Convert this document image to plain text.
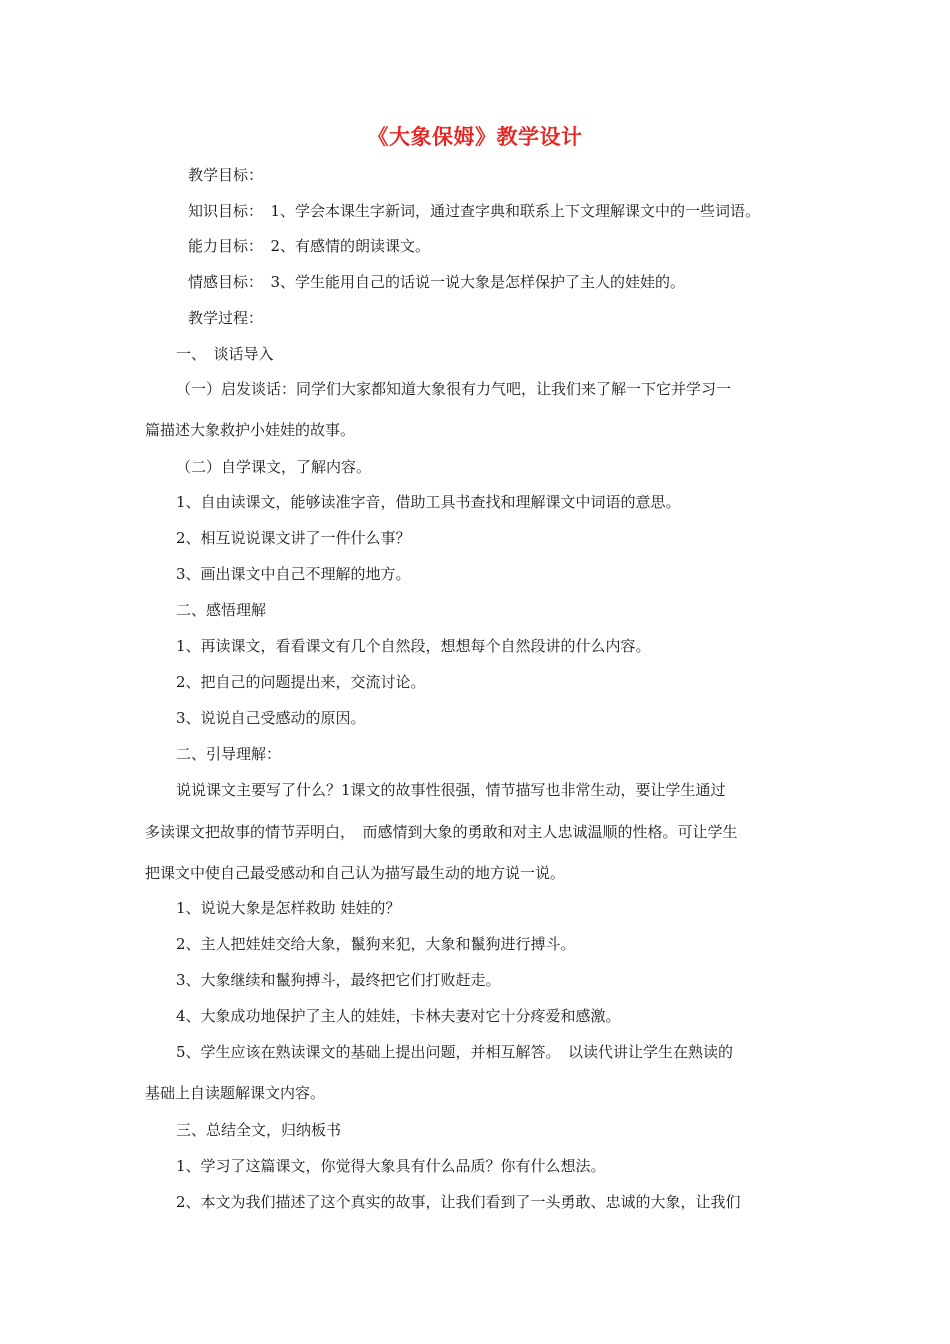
《大象保姆》教学设计
教学目标：
知识目标：　1、学会本课生字新词，通过查字典和联系上下文理解课文中的一些词语。
能力目标：　2、有感情的朗读课文。
情感目标：　3、学生能用自己的话说一说大象是怎样保护了主人的娃娃的。
教学过程：
一、　谈话导入
（一）启发谈话：同学们大家都知道大象很有力气吧，让我们来了解一下它并学习一
篇描述大象救护小娃娃的故事。
（二）自学课文，了解内容。
1、自由读课文，能够读准字音，借助工具书查找和理解课文中词语的意思。
2、相互说说课文讲了一件什么事？
3、画出课文中自己不理解的地方。
二、感悟理解
1、再读课文，看看课文有几个自然段，想想每个自然段讲的什么内容。
2、把自己的问题提出来，交流讨论。
3、说说自己受感动的原因。
二、引导理解：
说说课文主要写了什么？1课文的故事性很强，情节描写也非常生动，要让学生通过
多读课文把故事的情节弄明白，　而感情到大象的勇敢和对主人忠诚温顺的性格。可让学生
把课文中使自己最受感动和自己认为描写最生动的地方说一说。
1、说说大象是怎样救助 娃娃的？
2、主人把娃娃交给大象，鬣狗来犯，大象和鬣狗进行搏斗。
3、大象继续和鬣狗搏斗，最终把它们打败赶走。
4、大象成功地保护了主人的娃娃，卡林夫妻对它十分疼爱和感激。
5、学生应该在熟读课文的基础上提出问题，并相互解答。　以读代讲让学生在熟读的
基础上自读题解课文内容。
三、总结全文，归纳板书
1、学习了这篇课文，你觉得大象具有什么品质？你有什么想法。
2、本文为我们描述了这个真实的故事，让我们看到了一头勇敢、忠诚的大象，让我们
